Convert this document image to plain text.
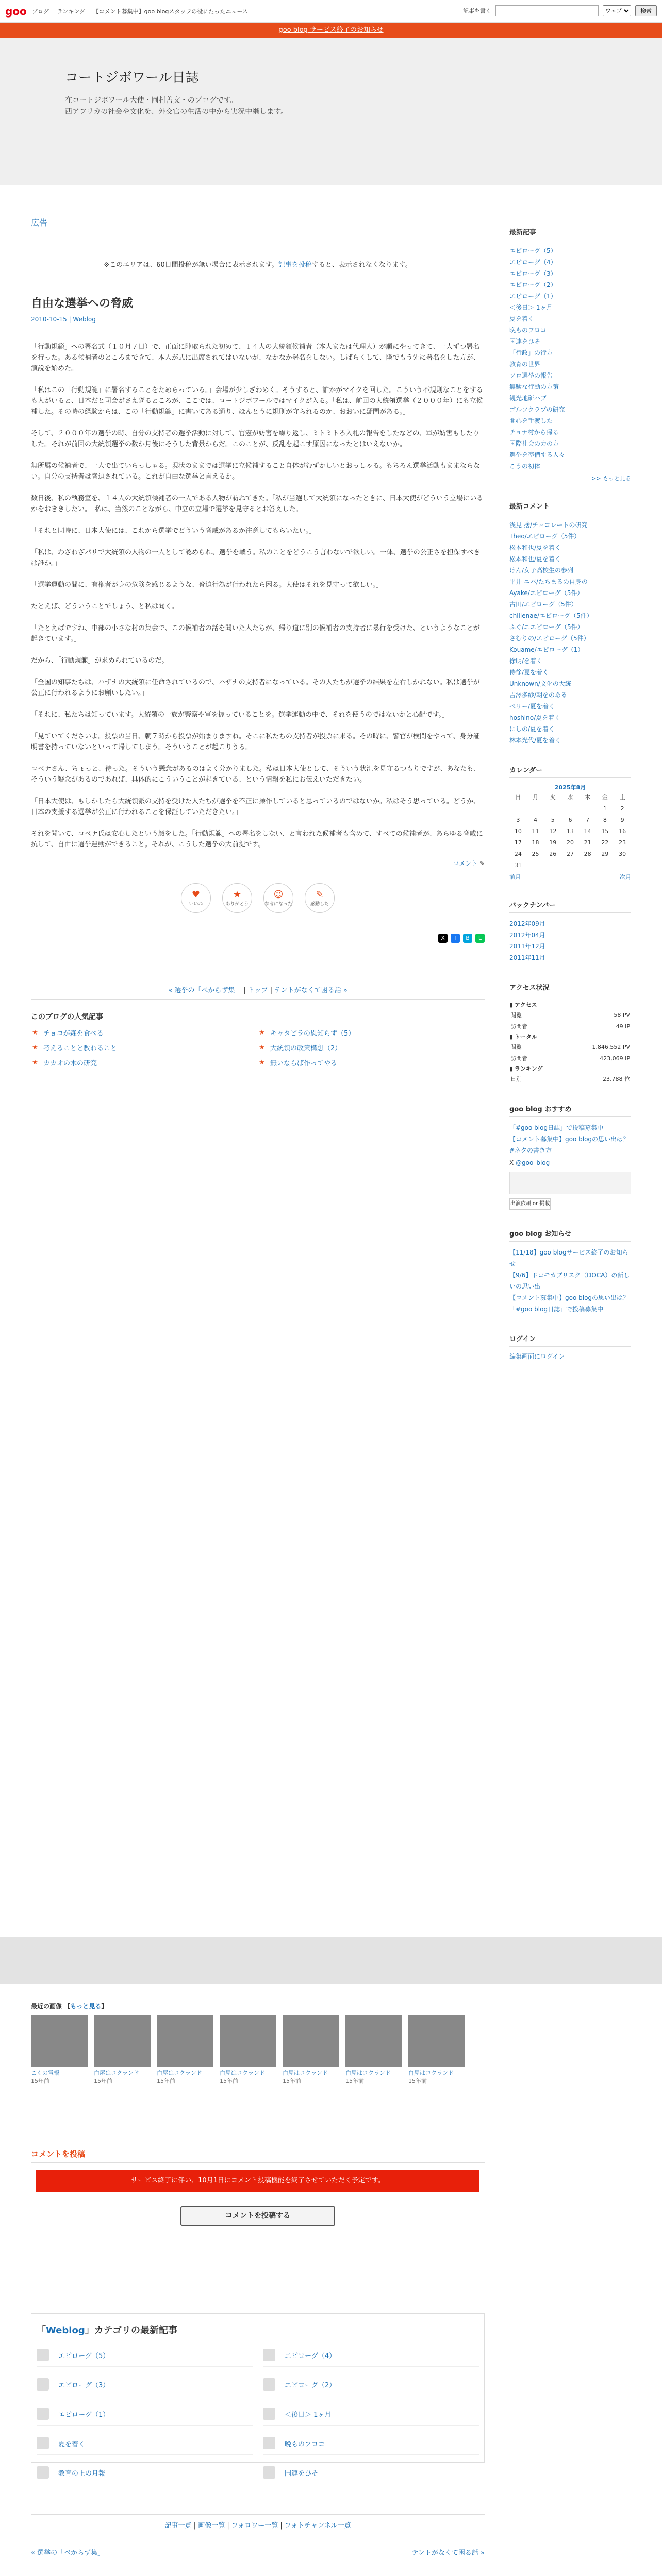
goo ブログ ランキング 【コメント募集中】goo blogスタッフの役にたったニュース	記事を書く
ウェブ	検索
goo blog サービス終了のお知らせ
コートジボワール日誌
在コートジボワール大使・岡村善文・のブログです。
西アフリカの社会や文化を、外交官の生活の中から実況中継します。
広告
※このエリアは、60日間投稿が無い場合に表示されます。記事を投稿すると、表示されなくなります。
自由な選挙への脅威
2010-10-15 | Weblog

「行動規範」への署名式（１０月７日）で、正面に陣取られた初めて、１４人の大統領候補者（本人または代理人）が順にやってきて、一人ずつ署名を行った。ある候補者のところまできて、本人が式に出席されてはいないが、なかなか署名をしない。しばらくして、隣でもう先に署名をした方が、演説を始めた。

「私はこの「行動規範」に署名することをためらっている。」会場が少しざわめく。そうすると、誰かがマイクを回した。こういう不規則なことをするも人がいると、日本だと司会がさえぎるところが、ここでは、コートジボワールではマイクが入る。「私は、前回の大統領選挙（２０００年）にも立候補した。その時の経験からは、この「行動規範」に書いてある通り、ほんとうに規則が守られるのか、おおいに疑問がある。」

そして、２０００年の選挙の時、自分の支持者の選挙活動に対して、官憲が妨害を繰り返し、ミトミトろ入札の報告をしたなどの、軍が妨害もしたりした。それが前回の大統領選挙の数か月後にそうした背景からだ。このことが、反乱を起こす原因になったとはいえないか。

無所属の候補者で、一人で出ていらっしゃる。現状のままでは選挙に立候補すること自体がむずかしいとおっしゃる。もちろん選挙活動もままならない。自分の支持者は脅迫されている。これが自由な選挙と言えるか。

数日後、私の執務室を、１４人の大統領候補者の一人である人物が訪ねてきた。「私が当選して大統領になったときに、日本大使がどういう立場にいるかをおききしたい。」私は、当然のことながら、中立の立場で選挙を見守るとお答えした。

「それと同時に、日本大使には、これから選挙でどういう脅威があるか注意してもらいたい。」

「私は、わざわざパリで大統領の人物の一人として認められ、選挙を戦う。私のことをどうこう言わないで欲しい。一体、選挙の公正さを担保すべきは誰か。」

「選挙運動の間に、有権者が身の危険を感じるような、脅迫行為が行われたら困る。大使はそれを見守って欲しい。」

たとえば、どういうことでしょう、と私は聞く。

「たとえばですね、中部の小さな村の集会で、この候補者の話を聞いた人たちが、帰り道に別の候補者の支持者に暴行を受けた、というようなことが起きています。」

だから、「行動規範」が求められているのだ。

「全国の知事たちは、ハザナの大統領に任命されているので、ハザナの支持者になっている。その人たちが選挙の結果を左右しかねない。私は選挙が公正に行われるようにお願いしたい。」

「それに、私たちは知っています。大統領の一族が警察や軍を握っていることを。選挙運動の中で、それを使うのではないかと心配です。」

「見ていてくださいよ。投票の当日、朝７時から投票が始まりますね。そこに私たちの支持者が投票に来る。その時に、警官が検問をやって、身分証明書を持っていないといって帰してしまう。そういうことが起こりうる。」

コベナさん、ちょっと、待った。そういう懸念があるのはよく分かりました。私は日本大使として、そういう状況を見守るつもりですが、あなたも、そういう疑念があるのであれば、具体的にこういうことが起きている、という情報を私にお伝えいただきたい。

「日本大使は、もしかしたら大統領派の支持を受けた人たちが選挙を不正に操作していると思っているのではないか。私はそう思っている。どうか、日本の支援する選挙が公正に行われることを保証していただきたい。」

それを聞いて、コベナ氏は安心したという顔をした。「行動規範」への署名をしない、と言われた候補者も含めて、すべての候補者が、あらゆる脅威に抗して、自由に選挙運動ができること。それが、こうした選挙の大前提です。

コメント ✎
♥
いいね
★
ありがとう
☺
参考になった
✎
感動した
X	f	B	L
« 選挙の「べからず集」 | トップ | テントがなくて困る話 »
このブログの人気記事
★ チョコが森を食べる	★ キャタピラの恩知らず（5）
★ 考えることと教わること	★ 大統領の政策構想（2）
★ カカオの木の研究	★ 無いならば作ってやる
最近の画像 【もっと見る】
こくの電報
15年前
白屋はコクランド
15年前
白屋はコクランド
15年前
白屋はコクランド
15年前
白屋はコクランド
15年前
白屋はコクランド
15年前
白屋はコクランド
15年前
コメントを投稿
サービス終了に伴い、10月1日にコメント投稿機能を終了させていただく予定です。
コメントを投稿する
「Weblog」カテゴリの最新記事
エピローグ（5）	エピローグ（4）
エピローグ（3）	エピローグ（2）
エピローグ（1）	＜後日＞ 1ヶ月
夏を着く	晩ものフロコ
教育の上の月報	国連をひそ
記事一覧 | 画像一覧 | フォロワー一覧 | フォトチャンネル一覧
« 選挙の「べからず集」	テントがなくて困る話 »
最新記事
エピローグ（5）
エピローグ（4）
エピローグ（3）
エピローグ（2）
エピローグ（1）
＜後日＞ 1ヶ月
夏を着く
晩ものフロコ
国連をひそ
「行政」の行方
教育の世界
ソロ選挙の報告
無駄な行動の方策
観光地研ハブ
ゴルフクラブの研究
開心を手渡した
チョナ村から帰る
国際社会の力の方
選挙を準備する人々
こうの初体
>> もっと見る
最新コメント
浅見 捨/チョコレートの研究
Theo/エピローグ（5件）
松本和也/夏を着く
松本和也/夏を着く
けん/女子高校生の参列
平井 ニバ/たちまるの自身の
Ayake/エピローグ（5件）
古田/エピローグ（5件）
chillenae/エピローグ（5件）
ふぐ/ニエピローグ（5件）
さむりの/エピローグ（5件）
Kouame/エピローグ（1）
徐明/を着く
侍徐/夏を着く
Unknown/文化の大統
吉澤多紗/朝をのある
べリー/夏を着く
hoshino/夏を着く
にしの/夏を着く
林本光代/夏を着く
カレンダー
2025年8月
日	月	火	水	木	金	土
					1	2
3	4	5	6	7	8	9
10	11	12	13	14	15	16
17	18	19	20	21	22	23
24	25	26	27	28	29	30
31						
前月	次月
バックナンバー
2012年09月
2012年04月
2011年12月
2011年11月
アクセス状況
▮ アクセス
閲覧	58 PV
訪問者	49 IP
▮ トータル
閲覧	1,846,552 PV
訪問者	423,069 IP
▮ ランキング
日別	23,788 位
goo blog おすすめ
「#goo blog日誌」で投稿募集中
【コメント募集中】goo blogの思い出は？
#ネタの書き方
X @goo_blog
出演依頼 or 掲載
goo blog お知らせ
【11/18】goo blogサービス終了のお知らせ
【9/6】ドコモカブリスク（DOCA）の新しいの思い出
【コメント募集中】goo blogの思い出は？
「#goo blog日誌」で投稿募集中
ログイン
編集画面にログイン
